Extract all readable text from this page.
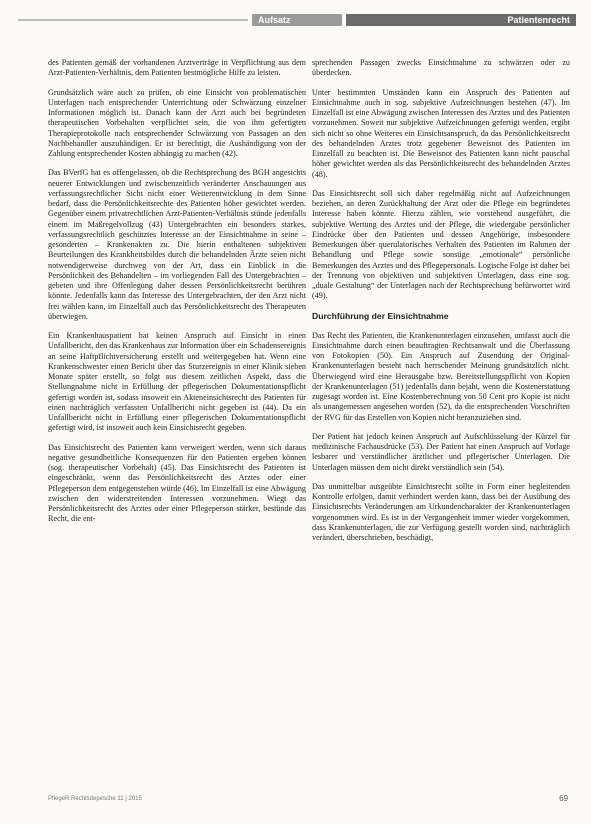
Aufsatz	Patientenrecht

des Patienten gemäß der vorhandenen Arztverträge in Verpflichtung aus dem Arzt-Patienten-Verhältnis, dem Patienten bestmögliche Hilfe zu leisten.

Grundsätzlich wäre auch zu prüfen, ob eine Einsicht von problematischen Unterlagen nach entsprechender Unterrichtung oder Schwärzung einzelner Informationen möglich ist. Danach kann der Arzt auch bei begründeten therapeutischen Vorbehalten verpflichtet sein, die von ihm gefertigten Therapieprotokolle nach entsprechender Schwärzung von Passagen an den Nachbehandler auszuhändigen. Er ist berechtigt, die Aushändigung von der Zahlung entsprechender Kosten abhängig zu machen (42).

Das BVerfG hat es offengelassen, ob die Rechtsprechung des BGH angesichts neuerer Entwicklungen und zwischenzeitlich veränderter Anschauungen aus verfassungsrechtlicher Sicht nicht einer Weiterentwicklung in dem Sinne bedarf, dass die Persönlichkeitsrechte des Patienten höher gewichtet werden. Gegenüber einem privatrechtlichen Arzt-Patienten-Verhältnis stünde jedenfalls einem im Maßregelvollzug (43) Untergebrachten ein besonders starkes, verfassungsrechtlich geschütztes Interesse an der Einsichtnahme in seine – gesonderten – Krankenakten zu. Die hierin enthaltenen subjektiven Beurteilungen des Krankheitsbildes durch die behandelnden Ärzte seien nicht notwendigerweise durchweg von der Art, dass ein Einblick in die Persönlichkeit des Behandelten – im vorliegenden Fall des Untergebrachten – gebeten und ihre Offenlegung daher dessen Persönlichkeitsrecht berühren könnte. Jedenfalls kann das Interesse des Untergebrachten, der den Arzt nicht frei wählen kann, im Einzelfall auch das Persönlichkeitsrecht des Therapeuten überwiegen.

Ein Krankenhauspatient hat keinen Anspruch auf Einsicht in einen Unfallbericht, den das Krankenhaus zur Information über ein Schadensereignis an seine Haftpflichtversicherung erstellt und weitergegeben hat. Wenn eine Krankenschwester einen Bericht über das Sturzereignis in einer Klinik sieben Monate später erstellt, so folgt aus diesem zeitlichen Aspekt, dass die Stellungnahme nicht in Erfüllung der pflegerischen Dokumentationspflicht gefertigt worden ist, sodass insoweit ein Akteneinsichtsrecht des Patienten für einen nachträglich verfassten Unfallbericht nicht gegeben ist (44). Da ein Unfallbericht nicht in Erfüllung einer pflegerischen Dokumentationspflicht gefertigt wird, ist insoweit auch kein Einsichtsrecht gegeben.

Das Einsichtsrecht des Patienten kann verweigert werden, wenn sich daraus negative gesundheitliche Konsequenzen für den Patienten ergeben können (sog. therapeutischer Vorbehalt) (45). Das Einsichtsrecht des Patienten ist eingeschränkt, wenn das Persönlichkeitsrecht des Arztes oder einer Pflegeperson dem entgegenstehen würde (46). Im Einzelfall ist eine Abwägung zwischen den widerstreitenden Interessen vorzunehmen. Wiegt das Persönlichkeitsrecht des Arztes oder einer Pflegeperson stärker, bestünde das Recht, die ent-

sprechenden Passagen zwecks Einsichtnahme zu schwärzen oder zu überdecken.

Unter bestimmten Umständen kann ein Anspruch des Patienten auf Einsichtnahme auch in sog. subjektive Aufzeichnungen bestehen (47). Im Einzelfall ist eine Abwägung zwischen Interessen des Arztes und des Patienten vorzunehmen. Soweit nur subjektive Aufzeichnungen gefertigt werden, ergibt sich nicht so ohne Weiteres ein Einsichtsanspruch, da das Persönlichkeitsrecht des behandelnden Arztes trotz gegebener Beweisnot des Patienten im Einzelfall zu beachten ist. Die Beweisnot des Patienten kann nicht pauschal höher gewichtet werden als das Persönlichkeitsrecht des behandelnden Arztes (48).

Das Einsichtsrecht soll sich daher regelmäßig nicht auf Aufzeichnungen beziehen, an deren Zurückhaltung der Arzt oder die Pflege ein begründetes Interesse haben könnte. Hierzu zählen, wie vorstehend ausgeführt, die subjektive Wertung des Arztes und der Pflege, die wiedergabe persönlicher Eindrücke über den Patienten und dessen Angehörige, insbesondere Bemerkungen über querulatorisches Verhalten des Patienten im Rahmen der Behandlung und Pflege sowie sonstige „emotionale“ persönliche Bemerkungen des Arztes und des Pflegepersonals. Logische Folge ist daher bei der Trennung von objektiven und subjektiven Unterlagen, dass eine sog. „duale Gestaltung“ der Unterlagen nach der Rechtsprechung befürwortet wird (49).

Durchführung der Einsichtnahme

Das Recht des Patienten, die Krankenunterlagen einzusehen, umfasst auch die Einsichtnahme durch einen beauftragten Rechtsanwalt und die Überlassung von Fotokopien (50). Ein Anspruch auf Zusendung der Original-Krankenunterlagen besteht nach herrschender Meinung grundsätzlich nicht. Überwiegend wird eine Herausgabe bzw. Bereitstellungspflicht von Kopien der Krankenunterlagen (51) jedenfalls dann bejaht, wenn die Kostenerstattung zugesagt worden ist. Eine Kostenberechnung von 50 Cent pro Kopie ist nicht als unangemessen angesehen worden (52), da die entsprechenden Vorschriften der RVG für das Erstellen von Kopien nicht heranzuziehen sind.

Der Patient hat jedoch keinen Anspruch auf Aufschlüsselung der Kürzel für medizinische Fachausdrücke (53). Der Patient hat einen Anspruch auf Vorlage lesbarer und verständlicher ärztlicher und pflegerischer Unterlagen. Die Unterlagen müssen dem nicht direkt verständlich sein (54).

Das unmittelbar ausgeübte Einsichtsrecht sollte in Form einer begleitenden Kontrolle erfolgen, damit verhindert werden kann, dass bei der Ausübung des Einsichtsrechts Veränderungen am Urkundencharakter der Krankenunterlagen vorgenommen wird. Es ist in der Vergangenheit immer wieder vorgekommen, dass Krankenunterlagen, die zur Verfügung gestellt worden sind, nachträglich verändert, überschrieben, beschädigt,

PflegeR Rechtsdepesche 11 | 2015	69
